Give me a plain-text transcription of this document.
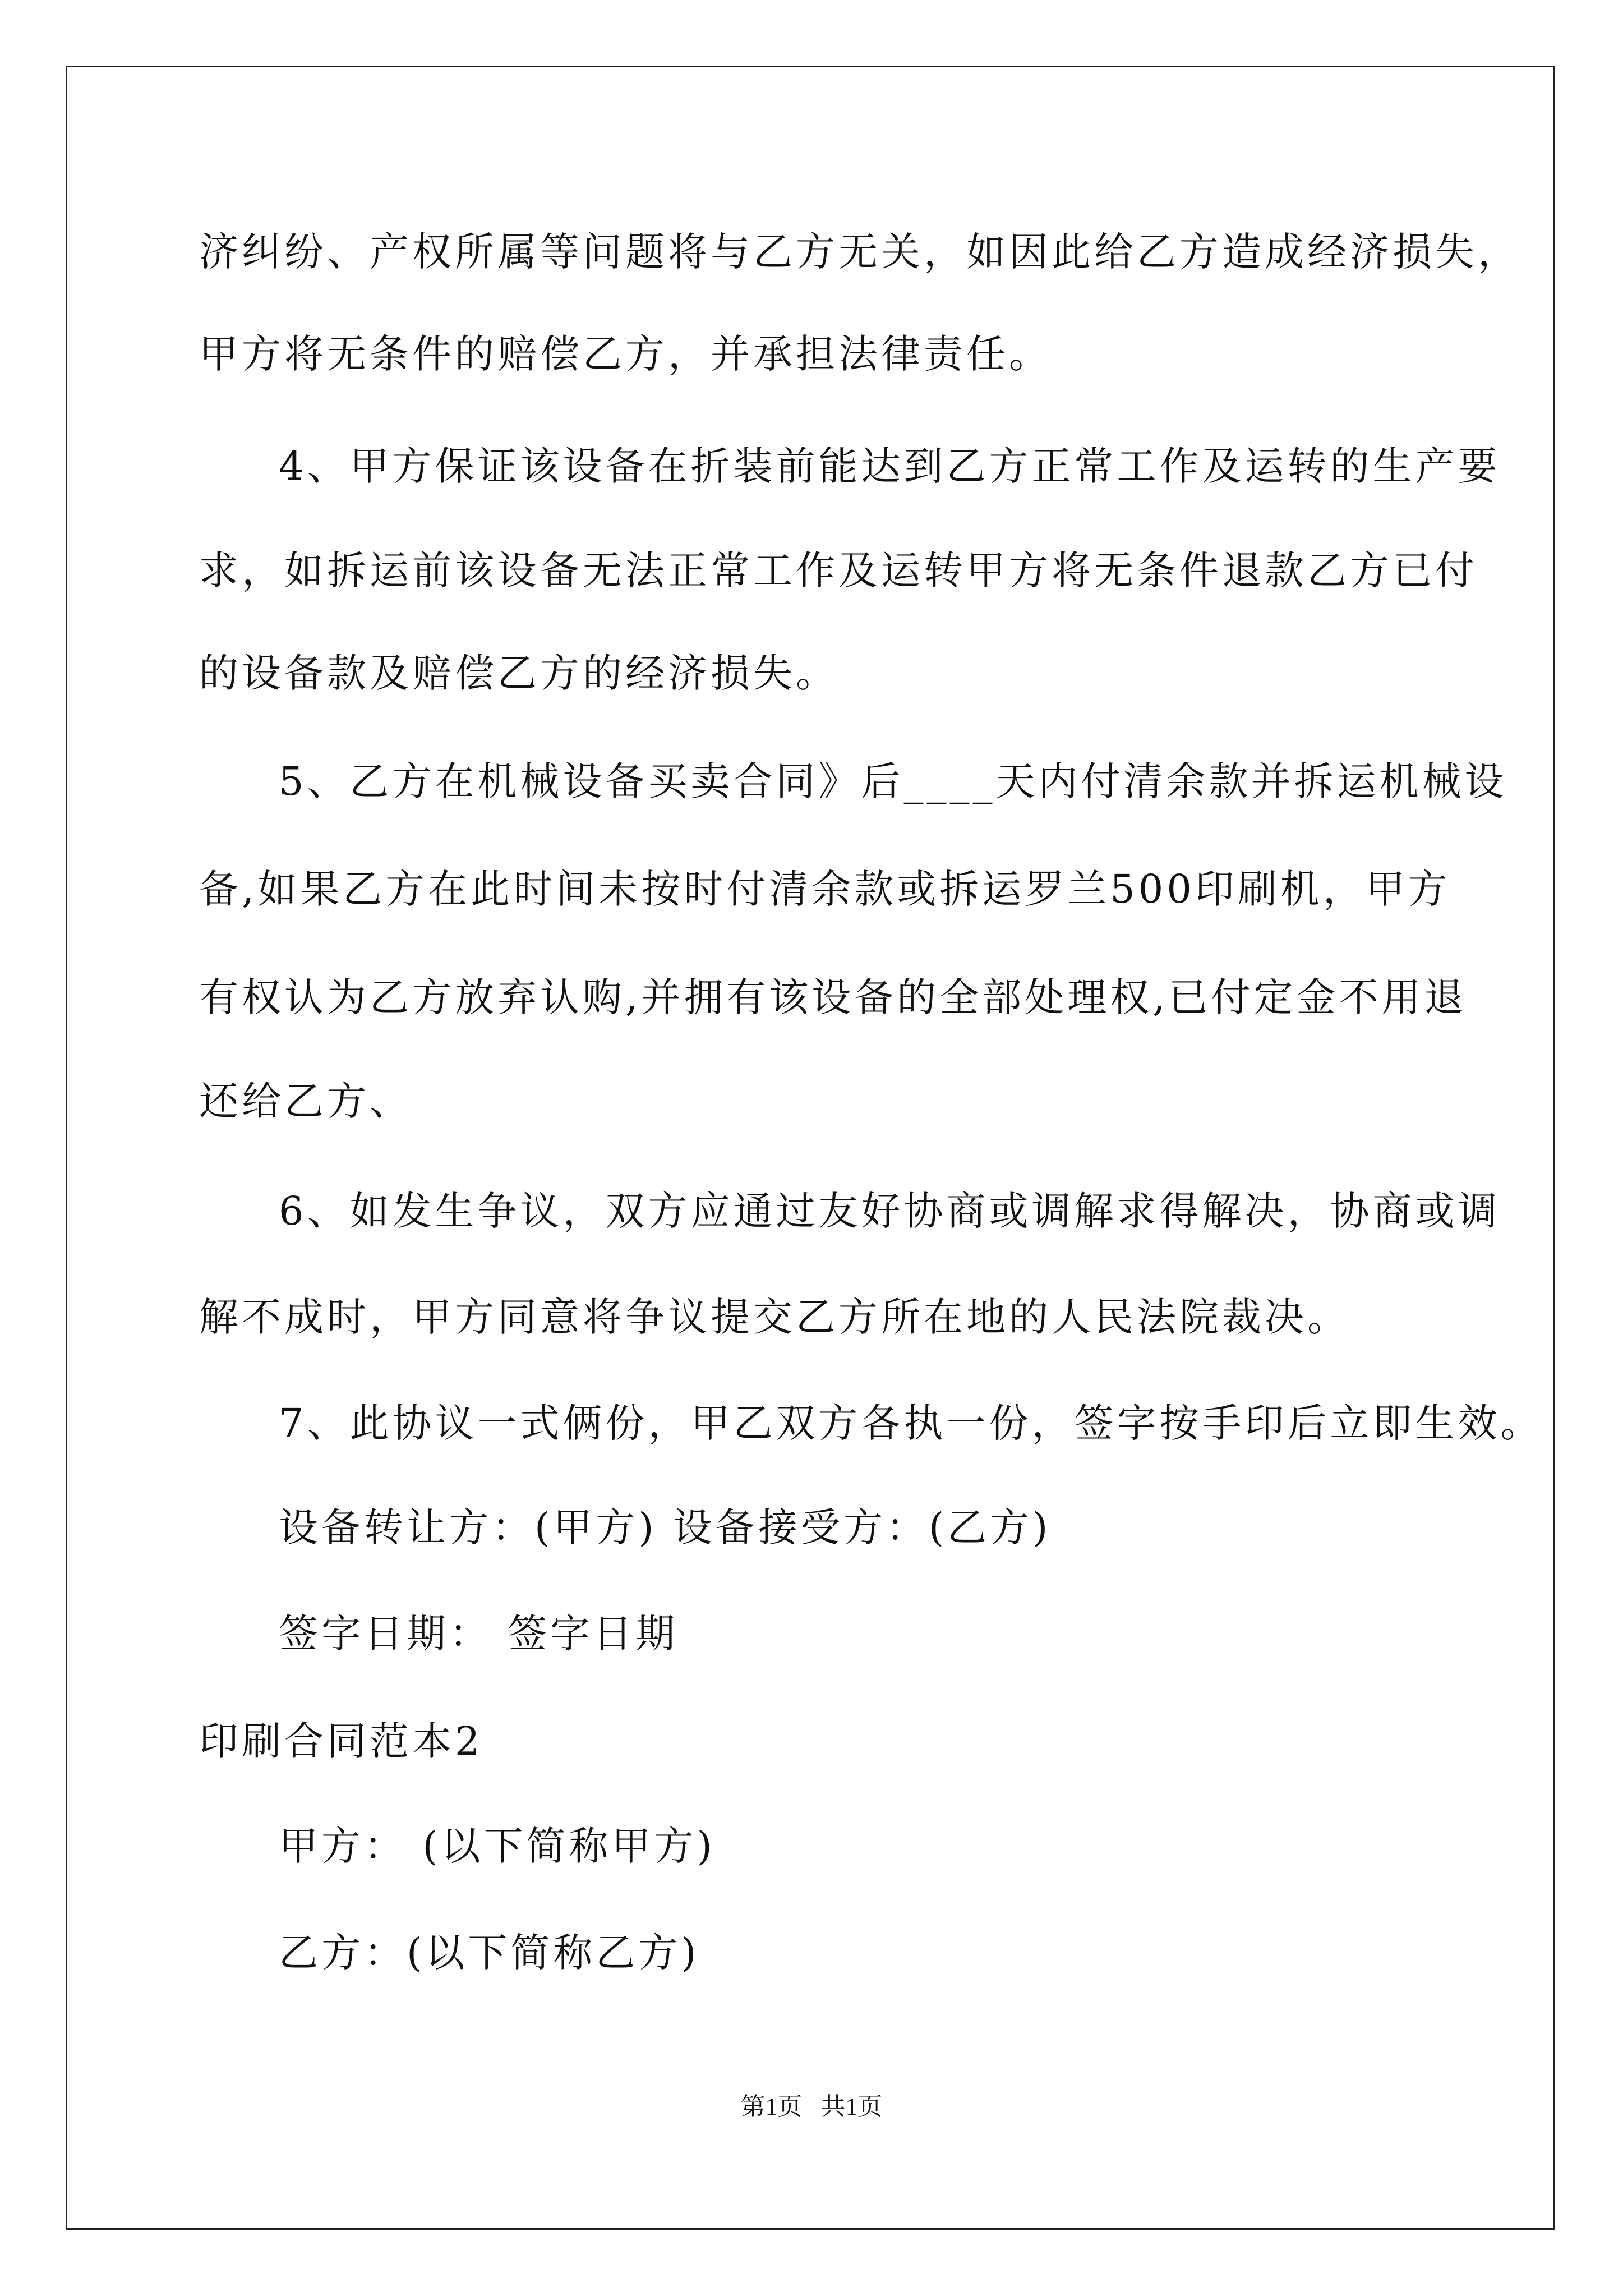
济纠纷、产权所属等问题将与乙方无关，如因此给乙方造成经济损失，
甲方将无条件的赔偿乙方，并承担法律责任。
4、甲方保证该设备在折装前能达到乙方正常工作及运转的生产要
求，如拆运前该设备无法正常工作及运转甲方将无条件退款乙方已付
的设备款及赔偿乙方的经济损失。
5、乙方在机械设备买卖合同》后____天内付清余款并拆运机械设
备,如果乙方在此时间未按时付清余款或拆运罗兰500印刷机，甲方
有权认为乙方放弃认购,并拥有该设备的全部处理权,已付定金不用退
还给乙方、
6、如发生争议，双方应通过友好协商或调解求得解决，协商或调
解不成时，甲方同意将争议提交乙方所在地的人民法院裁决。
7、此协议一式俩份，甲乙双方各执一份，签字按手印后立即生效。
设备转让方：(甲方) 设备接受方：(乙方)
签字日期： 签字日期
印刷合同范本2
甲方： (以下简称甲方)
乙方：(以下简称乙方)
第1页   共1页
